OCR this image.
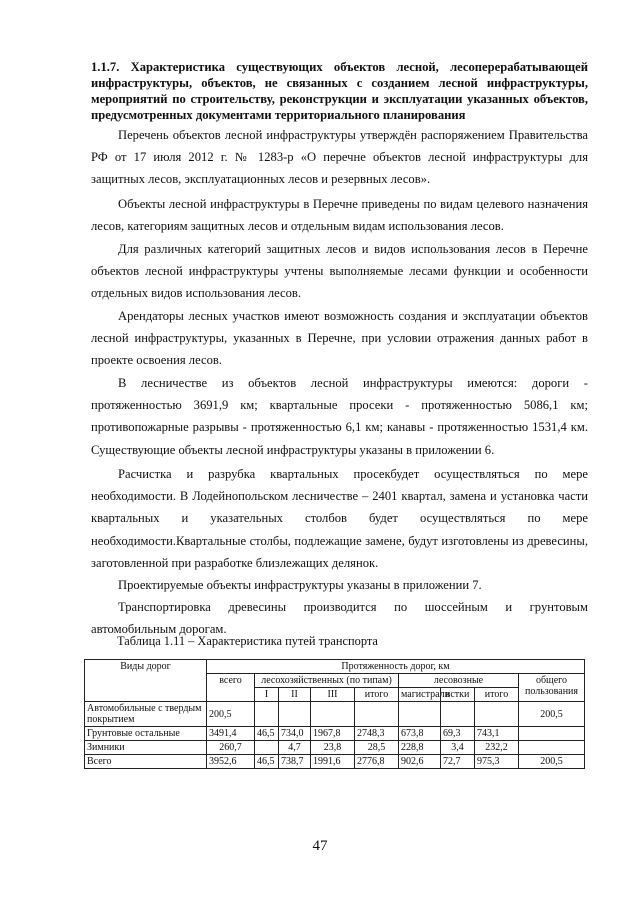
1.1.7. Характеристика существующих объектов лесной, лесоперерабатывающей инфраструктуры, объектов, не связанных с созданием лесной инфраструктуры, мероприятий по строительству, реконструкции и эксплуатации указанных объектов, предусмотренных документами территориального планирования

Перечень объектов лесной инфраструктуры утверждён распоряжением Правительства РФ от 17 июля 2012 г. № 1283-р «О перечне объектов лесной инфраструктуры для защитных лесов, эксплуатационных лесов и резервных лесов».

Объекты лесной инфраструктуры в Перечне приведены по видам целевого назначения лесов, категориям защитных лесов и отдельным видам использования лесов.

Для различных категорий защитных лесов и видов использования лесов в Перечне объектов лесной инфраструктуры учтены выполняемые лесами функции и особенности отдельных видов использования лесов.

Арендаторы лесных участков имеют возможность создания и эксплуатации объектов лесной инфраструктуры, указанных в Перечне, при условии отражения данных работ в проекте освоения лесов.

В лесничестве из объектов лесной инфраструктуры имеются: дороги - протяженностью 3691,9 км; квартальные просеки - протяженностью 5086,1 км; противопожарные разрывы - протяженностью 6,1 км; канавы - протяженностью 1531,4 км. Существующие объекты лесной инфраструктуры указаны в приложении 6.

Расчистка и разрубка квартальных просекбудет осуществляться по мере необходимости. В Лодейнопольском лесничестве – 2401 квартал, замена и установка части квартальных и указательных столбов будет осуществляться по мере необходимости.Квартальные столбы, подлежащие замене, будут изготовлены из древесины, заготовленной при разработке близлежащих делянок.

Проектируемые объекты инфраструктуры указаны в приложении 7.

Транспортировка древесины производится по шоссейным и грунтовым автомобильным дорогам.

Таблица 1.11 – Характеристика путей транспорта
Виды дорог	Протяженность дорог, км								
	всего	лесохозяйственных (по типам)				лесовозные			общего пользования
		I	II	III	итого	магистрали	встки	итого	
Автомобильные с твердым покрытием	200,5								200,5
Грунтовые остальные	3491,4	46,5	734,0	1967,8	2748,3	673,8	69,3	743,1	
Зимники	260,7		4,7	23,8	28,5	228,8	3,4	232,2	
Всего	3952,6	46,5	738,7	1991,6	2776,8	902,6	72,7	975,3	200,5
47
